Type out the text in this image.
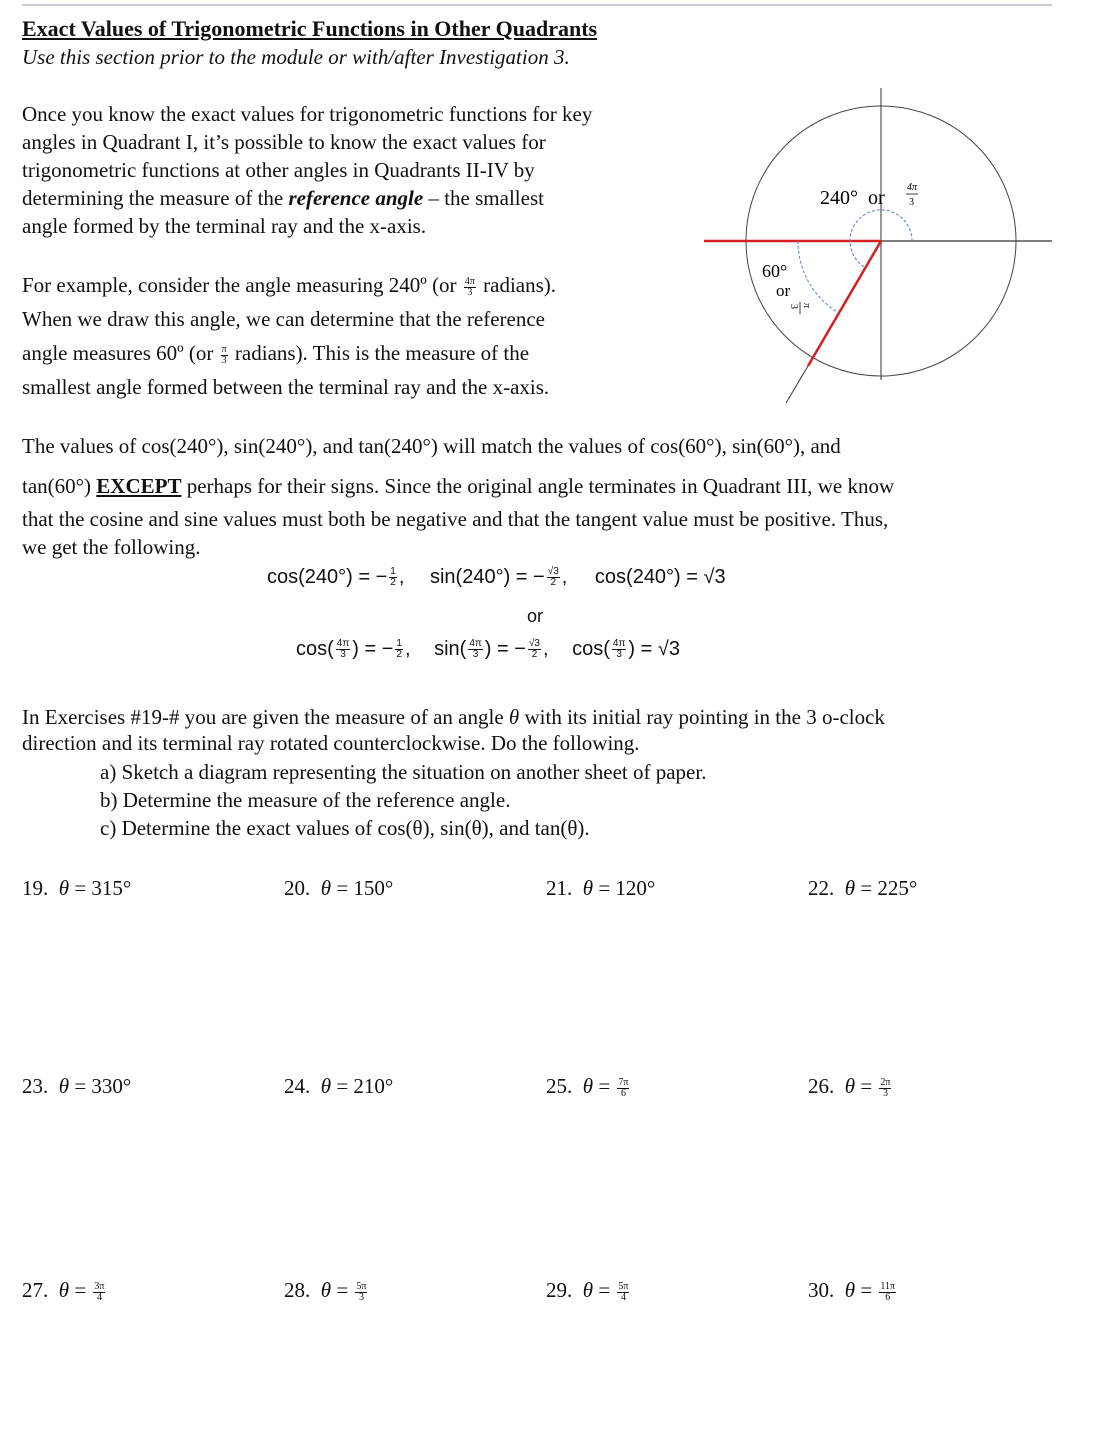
Exact Values of Trigonometric Functions in Other Quadrants
Use this section prior to the module or with/after Investigation 3.
Once you know the exact values for trigonometric functions for key
angles in Quadrant I, it’s possible to know the exact values for
trigonometric functions at other angles in Quadrants II-IV by
determining the measure of the reference angle – the smallest
angle formed by the terminal ray and the x-axis.
For example, consider the angle measuring 240º ($or \frac{4\pi}{3}$ radians).
When we draw this angle, we can determine that the reference
angle measures 60º ($or \frac{\pi}{3}$ radians). This is the measure of the
smallest angle formed between the terminal ray and the x-axis.
240° or 4π
3
60°
or
π
3
The values of cos(240°), sin(240°), and tan(240°) will match the values of cos(60°), sin(60°), and
tan(60°) EXCEPT perhaps for their signs. Since the original angle terminates in Quadrant III, we know
that the cosine and sine values must both be negative and that the tangent value must be positive. Thus,
we get the following.
cos(240°) = − $\frac{1}{2}$ , sin(240°) = − $\frac{√3}{2}$ , cos(240°) = √3
or
$\cos( \frac{4\pi}{3}$ ) = − $\frac{1}{2}$ , $\sin( \frac{4\pi}{3}$ ) = − $\frac{√3}{2}$ , $\cos( \frac{4\pi}{3}$ ) = √3
In Exercises #19-# you are given the measure of an angle θ with its initial ray pointing in the 3 o-clock
direction and its terminal ray rotated counterclockwise. Do the following.
a) Sketch a diagram representing the situation on another sheet of paper.
b) Determine the measure of the reference angle.
c) Determine the exact values of cos(θ), sin(θ), and tan(θ).
19. θ = 315°	20. θ = 150°	21. θ = 120°	22. θ = 225°
23. θ = 330°	24. θ = 210°	25. $\theta = \frac{7\pi}{6}$	26. $\theta = \frac{2\pi}{3}$
27. $\theta = \frac{3\pi}{4}$	28. $\theta = \frac{5\pi}{3}$	29. $\theta = \frac{5\pi}{4}$	30. $\theta = \frac{11\pi}{6}$
